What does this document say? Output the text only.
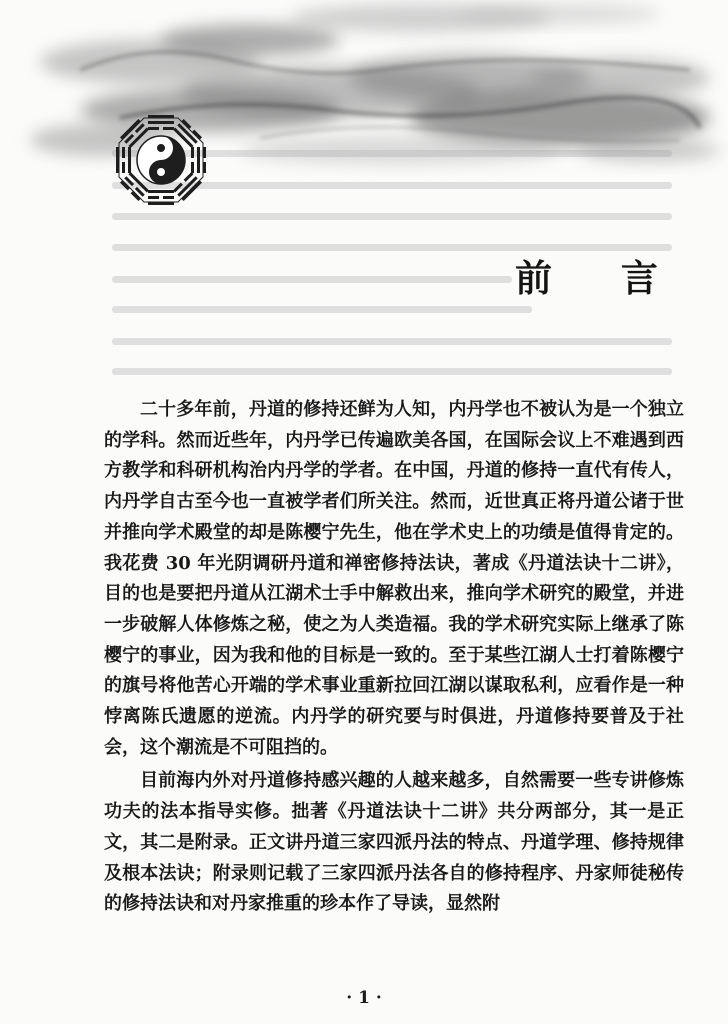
前 言

二十多年前，丹道的修持还鲜为人知，内丹学也不被认为是一个独立的学科。然而近些年，内丹学已传遍欧美各国，在国际会议上不难遇到西方教学和科研机构治内丹学的学者。在中国，丹道的修持一直代有传人，内丹学自古至今也一直被学者们所关注。然而，近世真正将丹道公诸于世并推向学术殿堂的却是陈樱宁先生，他在学术史上的功绩是值得肯定的。我花费 30 年光阴调研丹道和禅密修持法诀，著成《丹道法诀十二讲》，目的也是要把丹道从江湖术士手中解救出来，推向学术研究的殿堂，并进一步破解人体修炼之秘，使之为人类造福。我的学术研究实际上继承了陈樱宁的事业，因为我和他的目标是一致的。至于某些江湖人士打着陈樱宁的旗号将他苦心开端的学术事业重新拉回江湖以谋取私利，应看作是一种悖离陈氏遗愿的逆流。内丹学的研究要与时俱进，丹道修持要普及于社会，这个潮流是不可阻挡的。

目前海内外对丹道修持感兴趣的人越来越多，自然需要一些专讲修炼功夫的法本指导实修。拙著《丹道法诀十二讲》共分两部分，其一是正文，其二是附录。正文讲丹道三家四派丹法的特点、丹道学理、修持规律及根本法诀；附录则记载了三家四派丹法各自的修持程序、丹家师徒秘传的修持法诀和对丹家推重的珍本作了导读，显然附

· 1 ·
